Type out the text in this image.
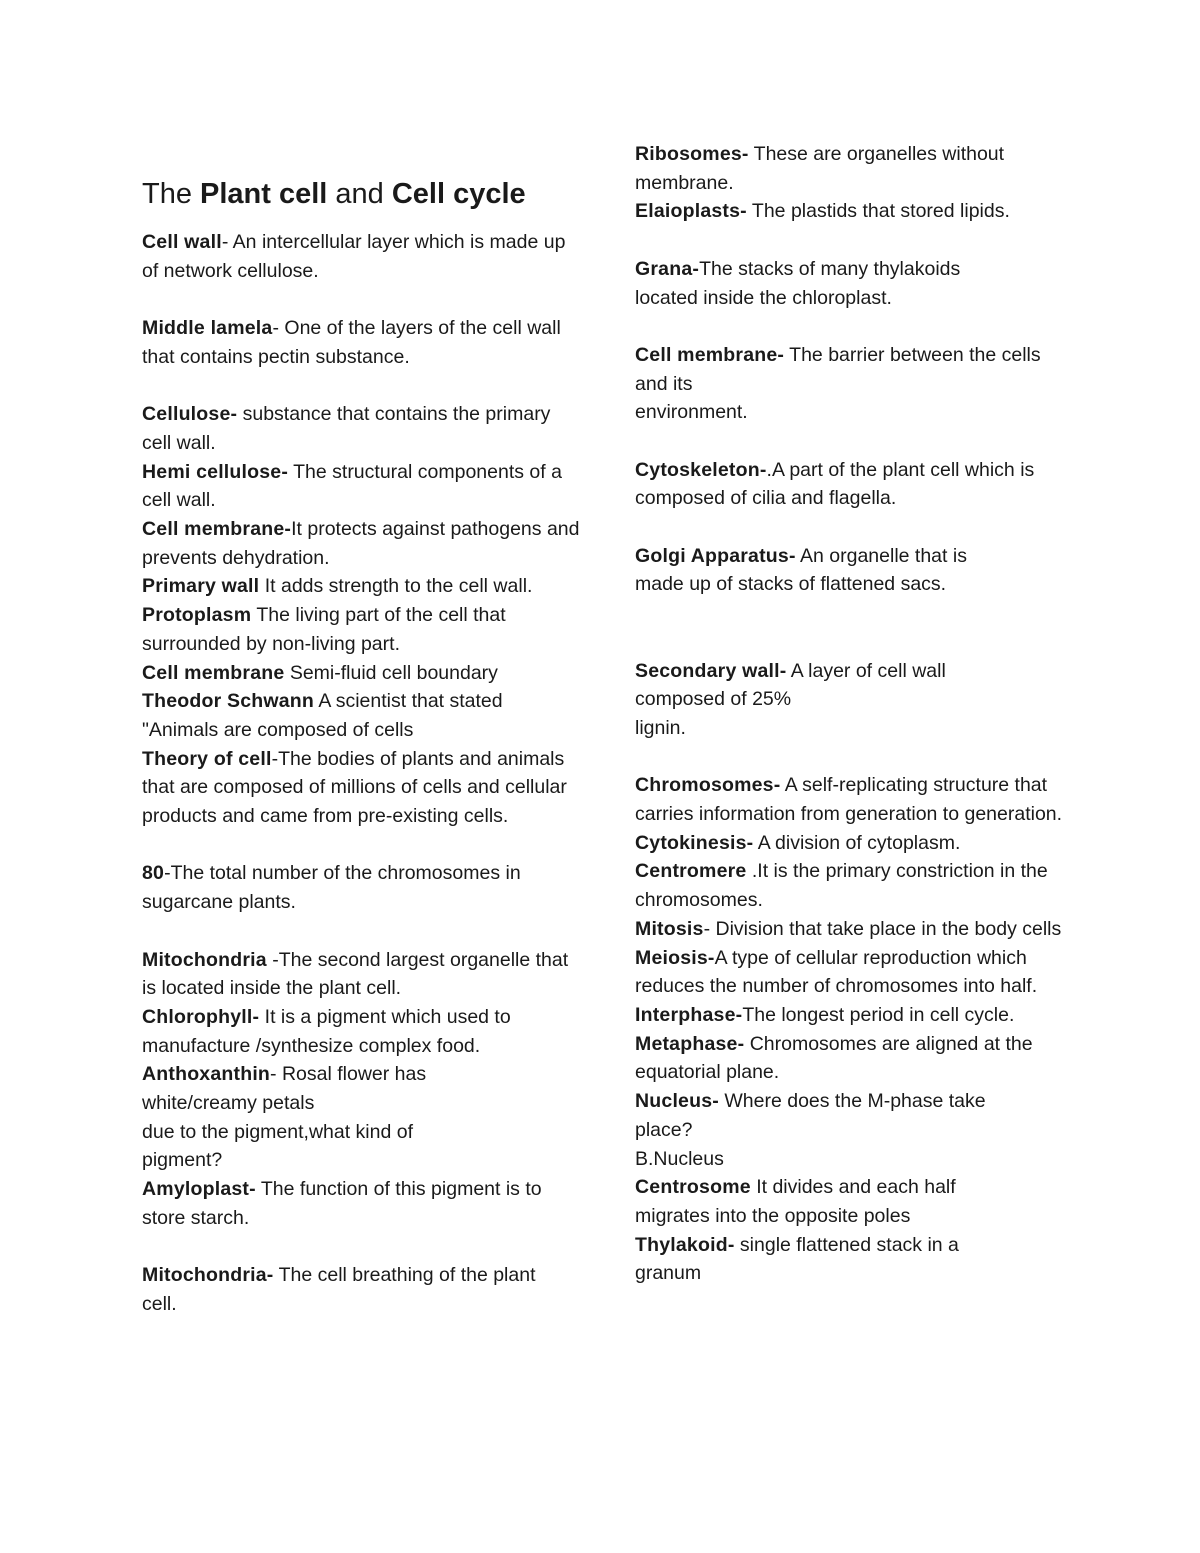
The Plant cell and Cell cycle

Cell wall- An intercellular layer which is made up of network cellulose.

Middle lamela- One of the layers of the cell wall that contains pectin substance.

Cellulose- substance that contains the primary cell wall.

Hemi cellulose- The structural components of a cell wall.

Cell membrane-It protects against pathogens and prevents dehydration.

Primary wall It adds strength to the cell wall.

Protoplasm The living part of the cell that surrounded by non-living part.

Cell membrane Semi-fluid cell boundary

Theodor Schwann A scientist that stated "Animals are composed of cells

Theory of cell-The bodies of plants and animals that are composed of millions of cells and cellular products and came from pre-existing cells.

80-The total number of the chromosomes in sugarcane plants.

Mitochondria -The second largest organelle that is located inside the plant cell.

Chlorophyll- It is a pigment which used to manufacture /synthesize complex food.

Anthoxanthin- Rosal flower has white/creamy petals

due to the pigment,what kind of pigment?

Amyloplast- The function of this pigment is to store starch.

Mitochondria- The cell breathing of the plant cell.

Ribosomes- These are organelles without membrane.

Elaioplasts- The plastids that stored lipids.

Grana-The stacks of many thylakoids located inside the chloroplast.

Cell membrane- The barrier between the cells and its

environment.

Cytoskeleton-.A part of the plant cell which is composed of cilia and flagella.

Golgi Apparatus- An organelle that is made up of stacks of flattened sacs.

Secondary wall- A layer of cell wall composed of 25%

lignin.

Chromosomes- A self-replicating structure that carries information from generation to generation.

Cytokinesis- A division of cytoplasm.

Centromere .It is the primary constriction in the chromosomes.

Mitosis- Division that take place in the body cells

Meiosis-A type of cellular reproduction which reduces the number of chromosomes into half.

Interphase-The longest period in cell cycle.

Metaphase- Chromosomes are aligned at the equatorial plane.

Nucleus- Where does the M-phase take place?

B.Nucleus

Centrosome It divides and each half migrates into the opposite poles

Thylakoid- single flattened stack in a granum
